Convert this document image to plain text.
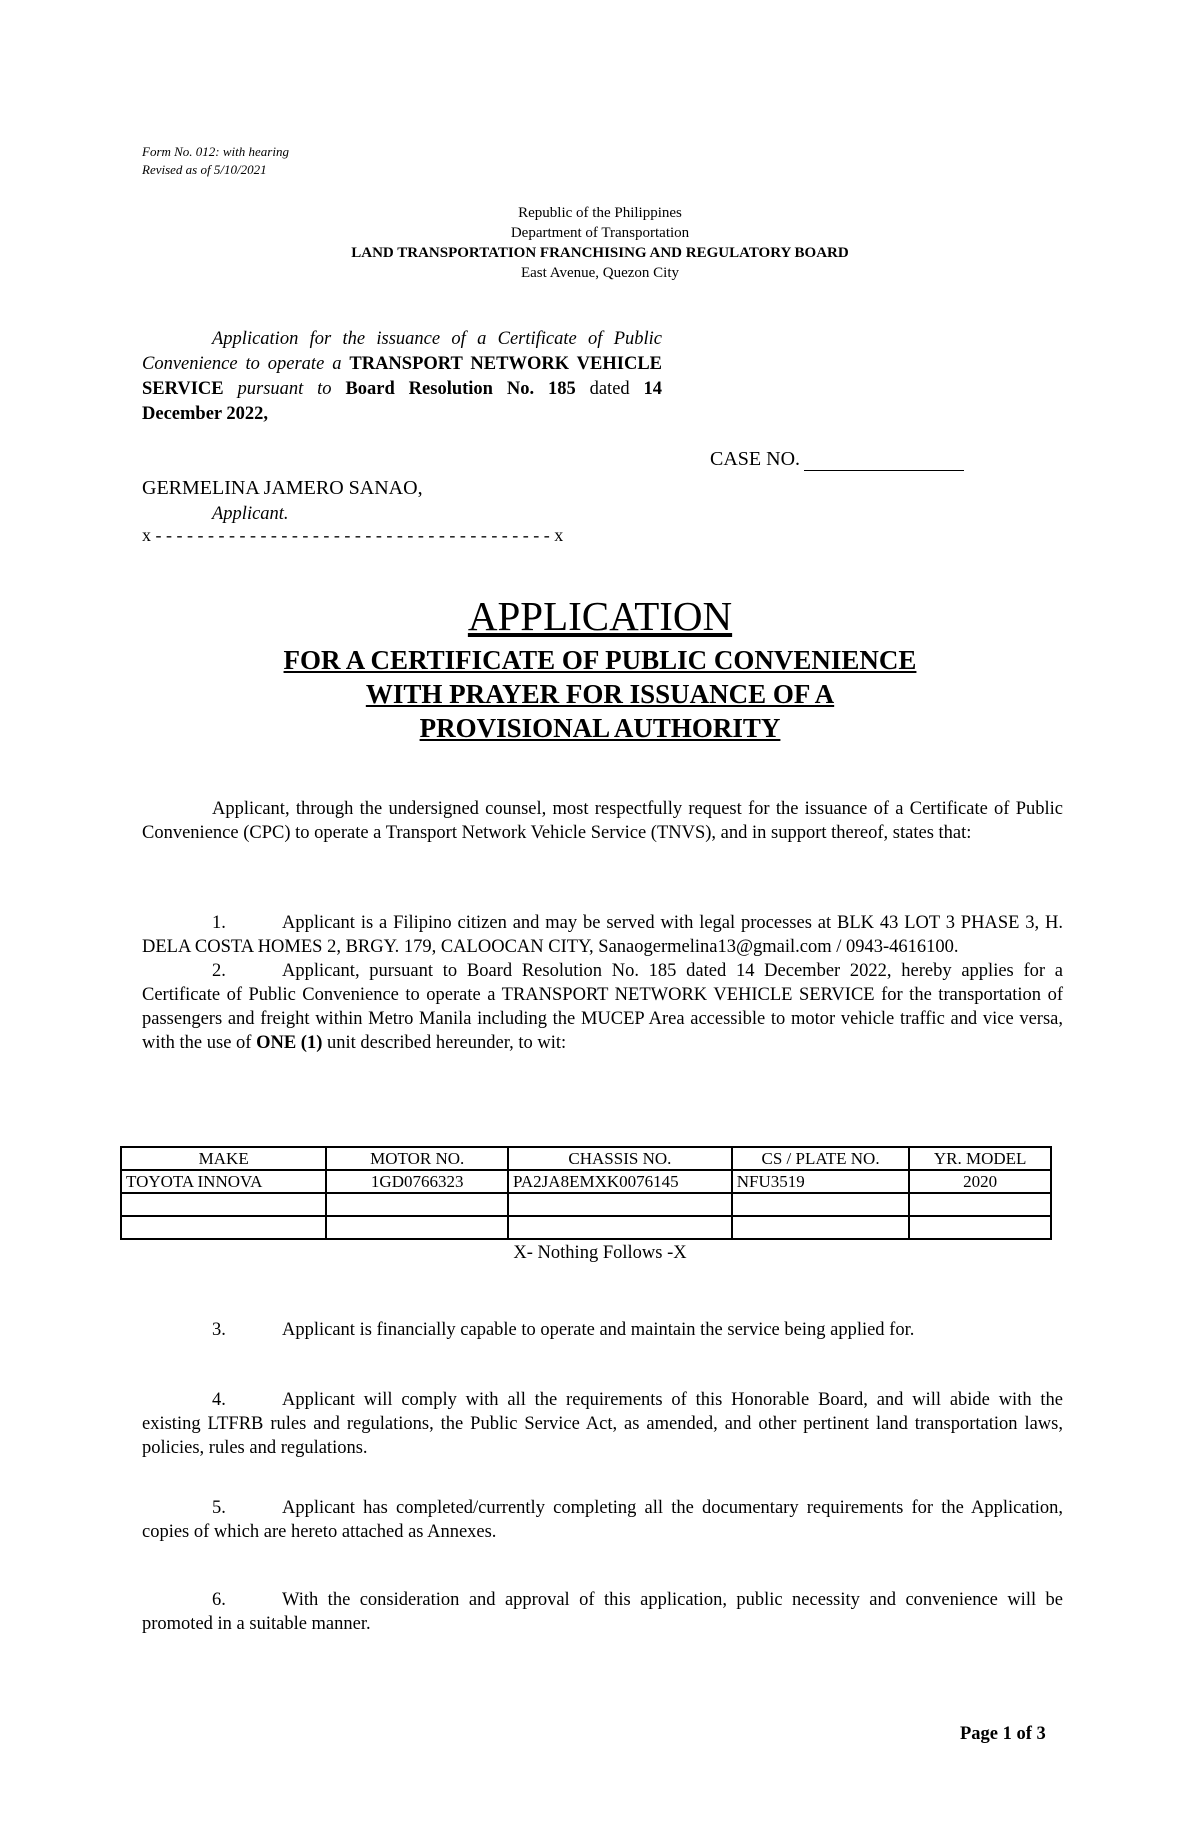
Form No. 012: with hearing
Revised as of 5/10/2021
Republic of the Philippines
Department of Transportation
LAND TRANSPORTATION FRANCHISING AND REGULATORY BOARD
East Avenue, Quezon City

Application for the issuance of a Certificate of Public Convenience to operate a TRANSPORT NETWORK VEHICLE SERVICE pursuant to Board Resolution No. 185 dated 14 December 2022,

CASE NO.
GERMELINA JAMERO SANAO,
Applicant.
x - - - - - - - - - - - - - - - - - - - - - - - - - - - - - - - - - - - - - - x
APPLICATION
FOR A CERTIFICATE OF PUBLIC CONVENIENCE
WITH PRAYER FOR ISSUANCE OF A
PROVISIONAL AUTHORITY

Applicant, through the undersigned counsel, most respectfully request for the issuance of a Certificate of Public Convenience (CPC) to operate a Transport Network Vehicle Service (TNVS), and in support thereof, states that:

1.	Applicant is a Filipino citizen and may be served with legal processes at BLK 43 LOT 3 PHASE 3, H. DELA COSTA HOMES 2, BRGY. 179, CALOOCAN CITY, Sanaogermelina13@gmail.com / 0943-4616100.

2.	Applicant, pursuant to Board Resolution No. 185 dated 14 December 2022, hereby applies for a Certificate of Public Convenience to operate a TRANSPORT NETWORK VEHICLE SERVICE for the transportation of passengers and freight within Metro Manila including the MUCEP Area accessible to motor vehicle traffic and vice versa, with the use of ONE (1) unit described hereunder, to wit:

MAKE	MOTOR NO.	CHASSIS NO.	CS / PLATE NO.	YR. MODEL
TOYOTA INNOVA	1GD0766323	PA2JA8EMXK0076145	NFU3519	2020

X- Nothing Follows -X

3.	Applicant is financially capable to operate and maintain the service being applied for.

4.	Applicant will comply with all the requirements of this Honorable Board, and will abide with the existing LTFRB rules and regulations, the Public Service Act, as amended, and other pertinent land transportation laws, policies, rules and regulations.

5.	Applicant has completed/currently completing all the documentary requirements for the Application, copies of which are hereto attached as Annexes.

6.	With the consideration and approval of this application, public necessity and convenience will be promoted in a suitable manner.

Page 1 of 3
